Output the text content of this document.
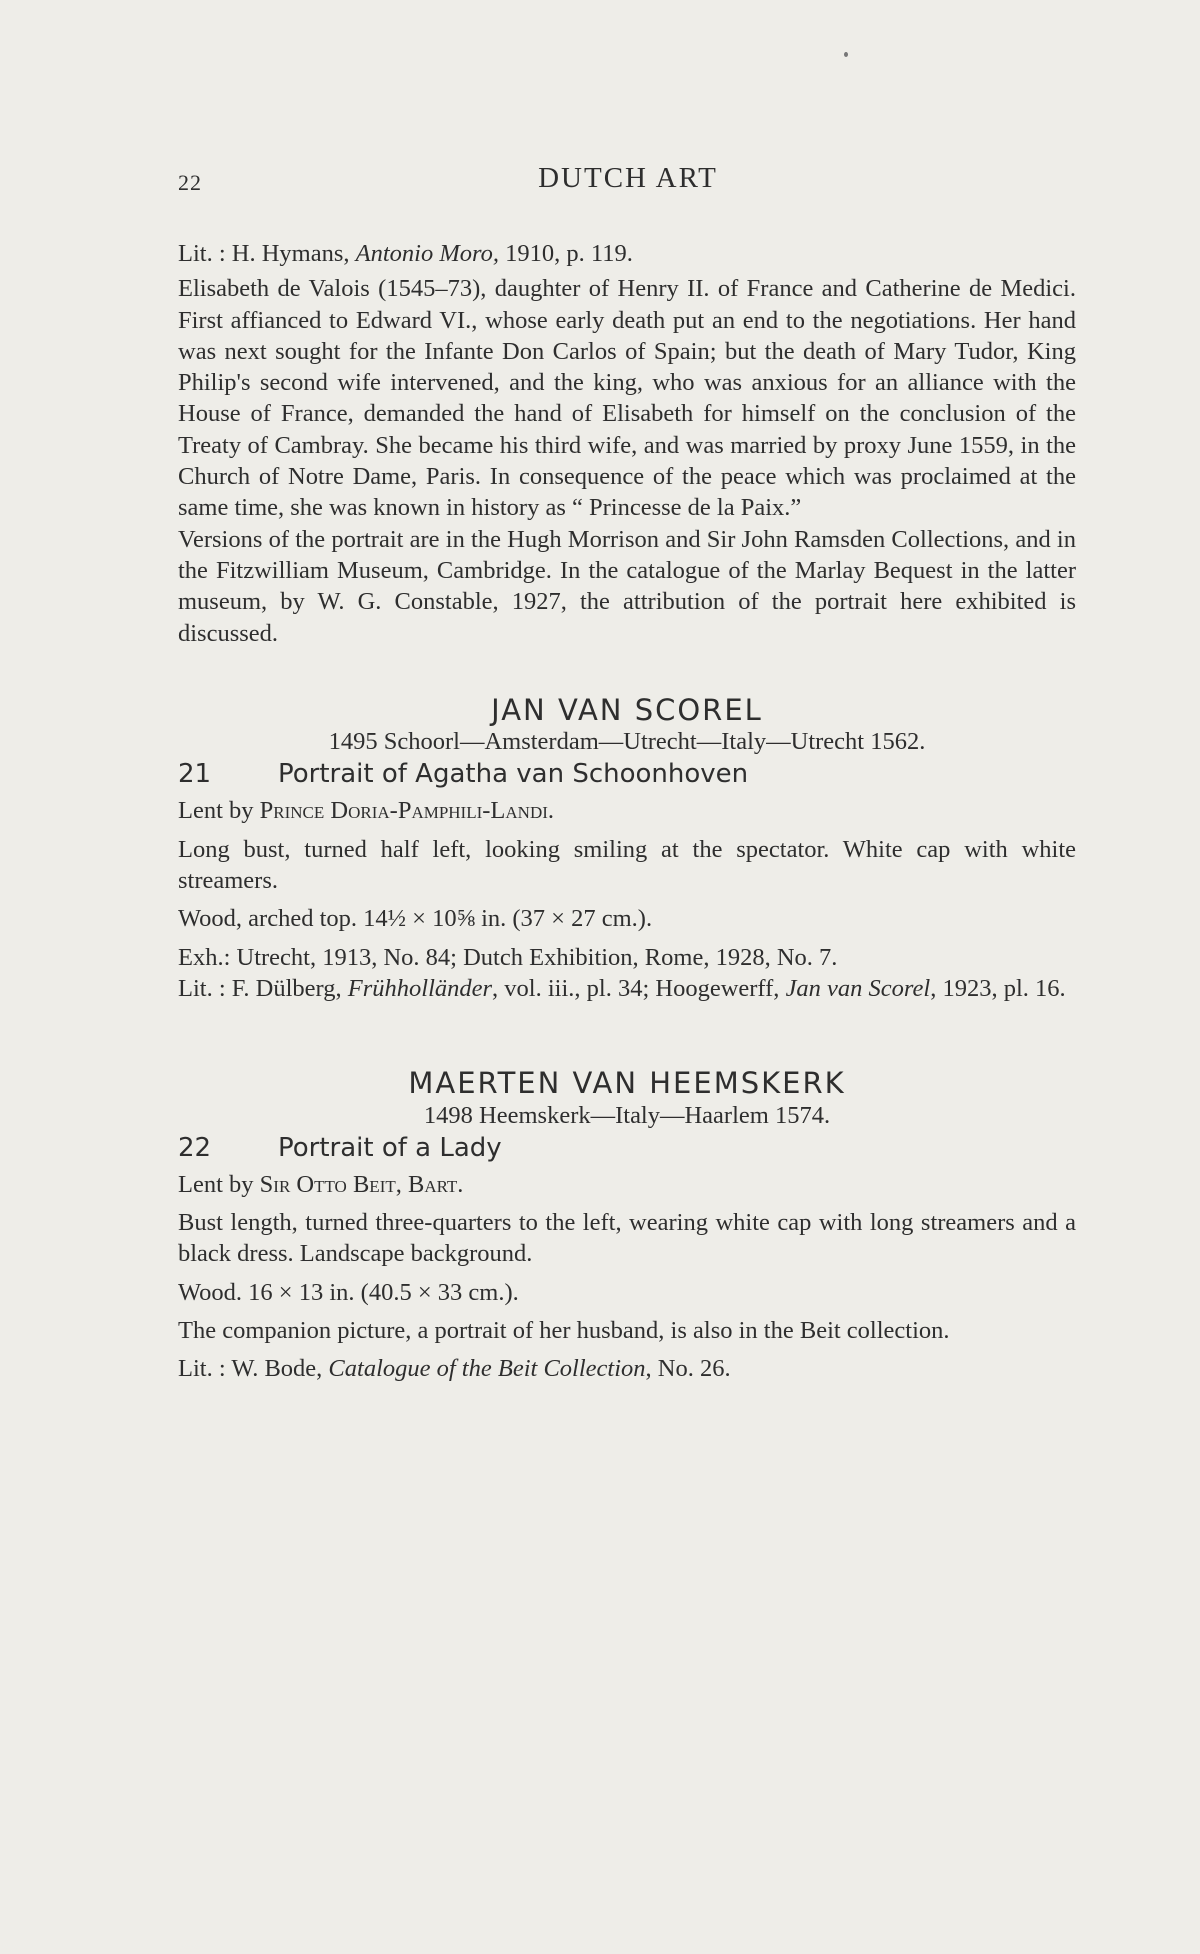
22	DUTCH ART

Lit. : H. Hymans, Antonio Moro, 1910, p. 119.

Elisabeth de Valois (1545–73), daughter of Henry II. of France and Catherine de Medici. First affianced to Edward VI., whose early death put an end to the negotiations. Her hand was next sought for the Infante Don Carlos of Spain; but the death of Mary Tudor, King Philip's second wife intervened, and the king, who was anxious for an alliance with the House of France, demanded the hand of Elisabeth for himself on the conclusion of the Treaty of Cambray. She became his third wife, and was married by proxy June 1559, in the Church of Notre Dame, Paris. In consequence of the peace which was proclaimed at the same time, she was known in history as “ Princesse de la Paix.”

Versions of the portrait are in the Hugh Morrison and Sir John Ramsden Collections, and in the Fitzwilliam Museum, Cambridge. In the catalogue of the Marlay Bequest in the latter museum, by W. G. Constable, 1927, the attribution of the portrait here exhibited is discussed.

JAN VAN SCOREL

1495 Schoorl—Amsterdam—Utrecht—Italy—Utrecht 1562.

21	Portrait of Agatha van Schoonhoven

Lent by Prince Doria-Pamphili-Landi.

Long bust, turned half left, looking smiling at the spectator. White cap with white streamers.

Wood, arched top. 14½ × 10⅝ in. (37 × 27 cm.).

Exh.: Utrecht, 1913, No. 84; Dutch Exhibition, Rome, 1928, No. 7.

Lit. : F. Dülberg, Frühholländer, vol. iii., pl. 34; Hoogewerff, Jan van Scorel, 1923, pl. 16.

MAERTEN VAN HEEMSKERK

1498 Heemskerk—Italy—Haarlem 1574.

22	Portrait of a Lady

Lent by Sir Otto Beit, Bart.

Bust length, turned three-quarters to the left, wearing white cap with long streamers and a black dress. Landscape background.

Wood. 16 × 13 in. (40.5 × 33 cm.).

The companion picture, a portrait of her husband, is also in the Beit collection.

Lit. : W. Bode, Catalogue of the Beit Collection, No. 26.
